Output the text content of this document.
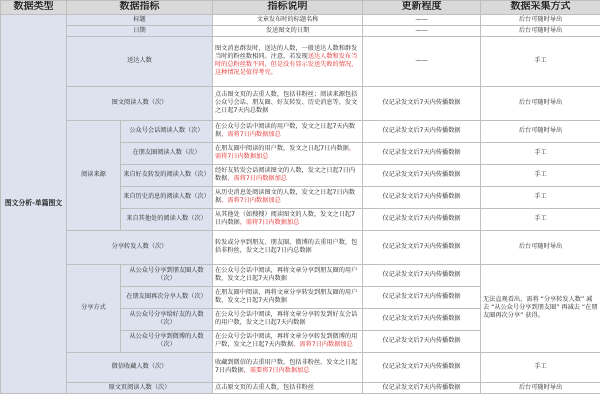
数据类型	数据指标		指标说明	更新程度	数据采集方式
图文分析-单篇图文	标题		文章发布时的标题名称	——	后台可随时导出
	日期		发送图文的日期	——	后台可随时导出
	送达人数		图文消息群发时，送达的人数，一般送达人数和群发当时的粉丝数相同。注意，若发现送达人数和发布当时的总粉丝数不同，但是没有显示发送失败的情况，这种情况是值得考究。	——	手工
	图文阅读人数（次）		点击图文页的去重人数，包括非粉丝；阅读来源包括公众号会话、朋友圈、好友转发、历史消息等，发文之日起7天内总数据	仅记录发文后7天内传播数据	后台可随时导出
	阅读来源	公众号会话阅读人数（次）	在公众号会话中阅读的用户数，发文之日起7天内数据，需将7日内数据加总	仅记录发文后7天内传播数据	后台可随时导出
		在朋友圈阅读人数（次）	在朋友圈中阅读的用户数，发文之日起7日内数据，需将7日内数据加总	仅记录发文后7天内传播数据	手工
		来自好友转发的阅读人数（次）	经好友转发会话阅读图文的人数，发文之日起7日内数据，需将7日内数据加总	仅记录发文后7天内传播数据	手工
		来自历史消息的阅读人数（次）	从历史消息处阅读图文的人数，发文之日起7日内数据，需将7日内数据加总	仅记录发文后7天内传播数据	手工
		来自其他处的阅读人数（次）	从其他处（如搜搜）阅读图文的人数，发文之日起7日内数据，需将7日内数据加总	仅记录发文后7天内传播数据	手工
	分享转发人数（次）		转发或分享到朋友、朋友圈、微博的去重用户数，包括非粉丝，发文之日起7日内总数据	仅记录发文后7天内传播数据	后台可随时导出
	分享方式	从公众号分享到朋友圈人数（次）	在公众号会话中阅读，再将文章分享到朋友圈的用户数，发文之日起7天内数据	仅记录发文后7天内传播数据	无法直观看出，需将 “分享转发人数” 减去 “从公众号分享到朋友圈” 再减去 “在朋友圈再次分享” 获得。
		在朋友圈再次分享人数（次）	在朋友圈中阅读，再将文章分享转发到朋友圈的用户数，发文之日起7天内数据	仅记录发文后7天内传播数据	
		从公众号分享给好友的人数（次）	在公众号会话中阅读，再将文章分享转发到好友会话的用户数，发文之日起7天内数据	仅记录发文后7天内传播数据	
		从公众号分享到微博的人数（次）	在公众号会话中阅读，再将文章分享转发到微博的用户数，发文之日起7天内数据，需将7日内数据加总	仅记录发文后7天内传播数据	
	微信收藏人数（次）		收藏到微信的去重用户数，包括非粉丝，发文之日起7日内数据，需要将7日内数据加总	仅记录发文后7天内传播数据	手工
	原文页阅读人数（次）		点击原文页的去重人数，包括非粉丝	仅记录发文后7天内传播数据	后台可随时导出
